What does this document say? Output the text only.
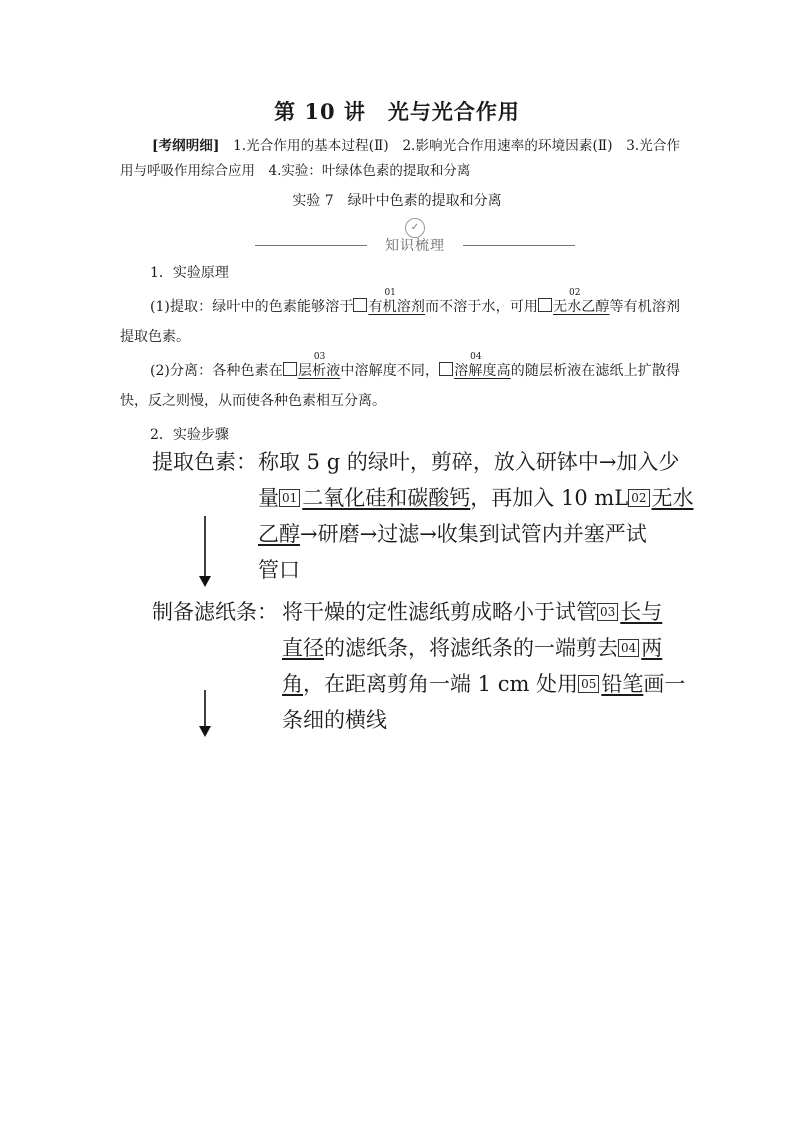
第 10 讲　光与光合作用
[考纲明细]　1.光合作用的基本过程(Ⅱ)　2.影响光合作用速率的环境因素(Ⅱ)　3.光合作用与呼吸作用综合应用　4.实验：叶绿体色素的提取和分离
实验 7　绿叶中色素的提取和分离
✓
知识梳理
1．实验原理
(1)提取：绿叶中的色素能够溶于
01
有机溶剂而不溶于水，可用
02
无水乙醇等有机溶剂提取色素。
(2)分离：各种色素在
03
层析液中溶解度不同，
04
溶解度高的随层析液在滤纸上扩散得快，反之则慢，从而使各种色素相互分离。
2．实验步骤
提取色素： 称取 5 g 的绿叶，剪碎，放入研钵中→加入少
量 01 二氧化硅和碳酸钙，再加入 10 mL 02 无水
乙醇→研磨→过滤→收集到试管内并塞严试
管口
制备滤纸条： 将干燥的定性滤纸剪成略小于试管 03 长与
直径的滤纸条，将滤纸条的一端剪去 04 两
角，在距离剪角一端 1 cm 处用 05 铅笔画一
条细的横线
